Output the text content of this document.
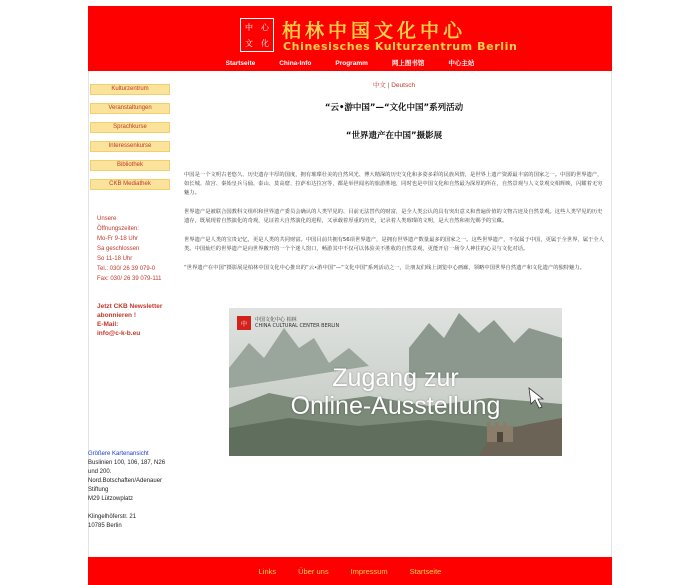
中	心
文	化
柏林中国文化中心
Chinesisches Kulturzentrum Berlin
Startseite	China-Info	Programm	网上图书馆	中心主站
Kulturzentrum
Veranstaltungen
Sprachkurse
Interessenkurse
Bibliothek
CKB Mediathek
Unsere
Öffnungszeiten:
Mo-Fr 9-18 Uhr
Sa geschlossen
So 11-18 Uhr
Tel.: 030/ 26 39 079-0
Fax: 030/ 26 39 079-111
Jetzt CKB Newsletter
abonnieren !
E-Mail:
info@c-k-b.eu
Größere Kartenansicht
Buslinien 100, 106, 187, N26
und 200.
Nord.Botschaften/Adenauer
Stiftung
M29 Lützowplatz
Klingelhöferstr. 21
10785 Berlin
中文 | Deutsch
“云•游中国”—“文化中国”系列活动
“世界遗产在中国”摄影展

中国是一个文明古老悠久、历史遗存丰厚的国度，拥有璀璨壮美的自然风光、博大精深的历史文化和多姿多彩的民族风情，是世界上遗产资源最丰富的国家之一。中国的世界遗产，如长城、故宫、秦始皇兵马俑、泰山、莫高窟、拉萨布达拉宫等，都是举世闻名的旅游胜地，同时也是中国文化和自然最为深厚的所在，自然景观与人文景观交相辉映，闪耀着无穷魅力。

世界遗产是被联合国教科文组织和世界遗产委员会确认的人类罕见的、目前无法替代的财富，是全人类公认的具有突出意义和普遍价值的文物古迹及自然景观。这些人类罕见的历史遗存，既展现着自然演化的奇观，见证着大自然演化的进程，又承载着厚重的历史，记录着人类璀璨的文明，是大自然和祖先赐予的宝藏。

世界遗产是人类的宝贵记忆，更是人类的共同财富。中国目前共拥有56项世界遗产，是拥有世界遗产数量最多的国家之一。这些世界遗产，不仅属于中国，更属于全世界，属于全人类。中国灿烂的世界遗产是向世界敞开的一个个迷人窗口，畅游其中不仅可以体验美不胜收的自然景观，更能开启一场令人神往的心灵与文化对话。

“世界遗产在中国”摄影展是柏林中国文化中心推出的“云•游中国”—“文化中国”系列活动之一，让朋友们线上浏览中心画廊，领略中国世界自然遗产和文化遗产的独特魅力。

中
中国文化中心 柏林
CHINA CULTURAL CENTER BERLIN
Zugang zur
Online-Ausstellung
Links	Über uns	Impressum	Startseite
